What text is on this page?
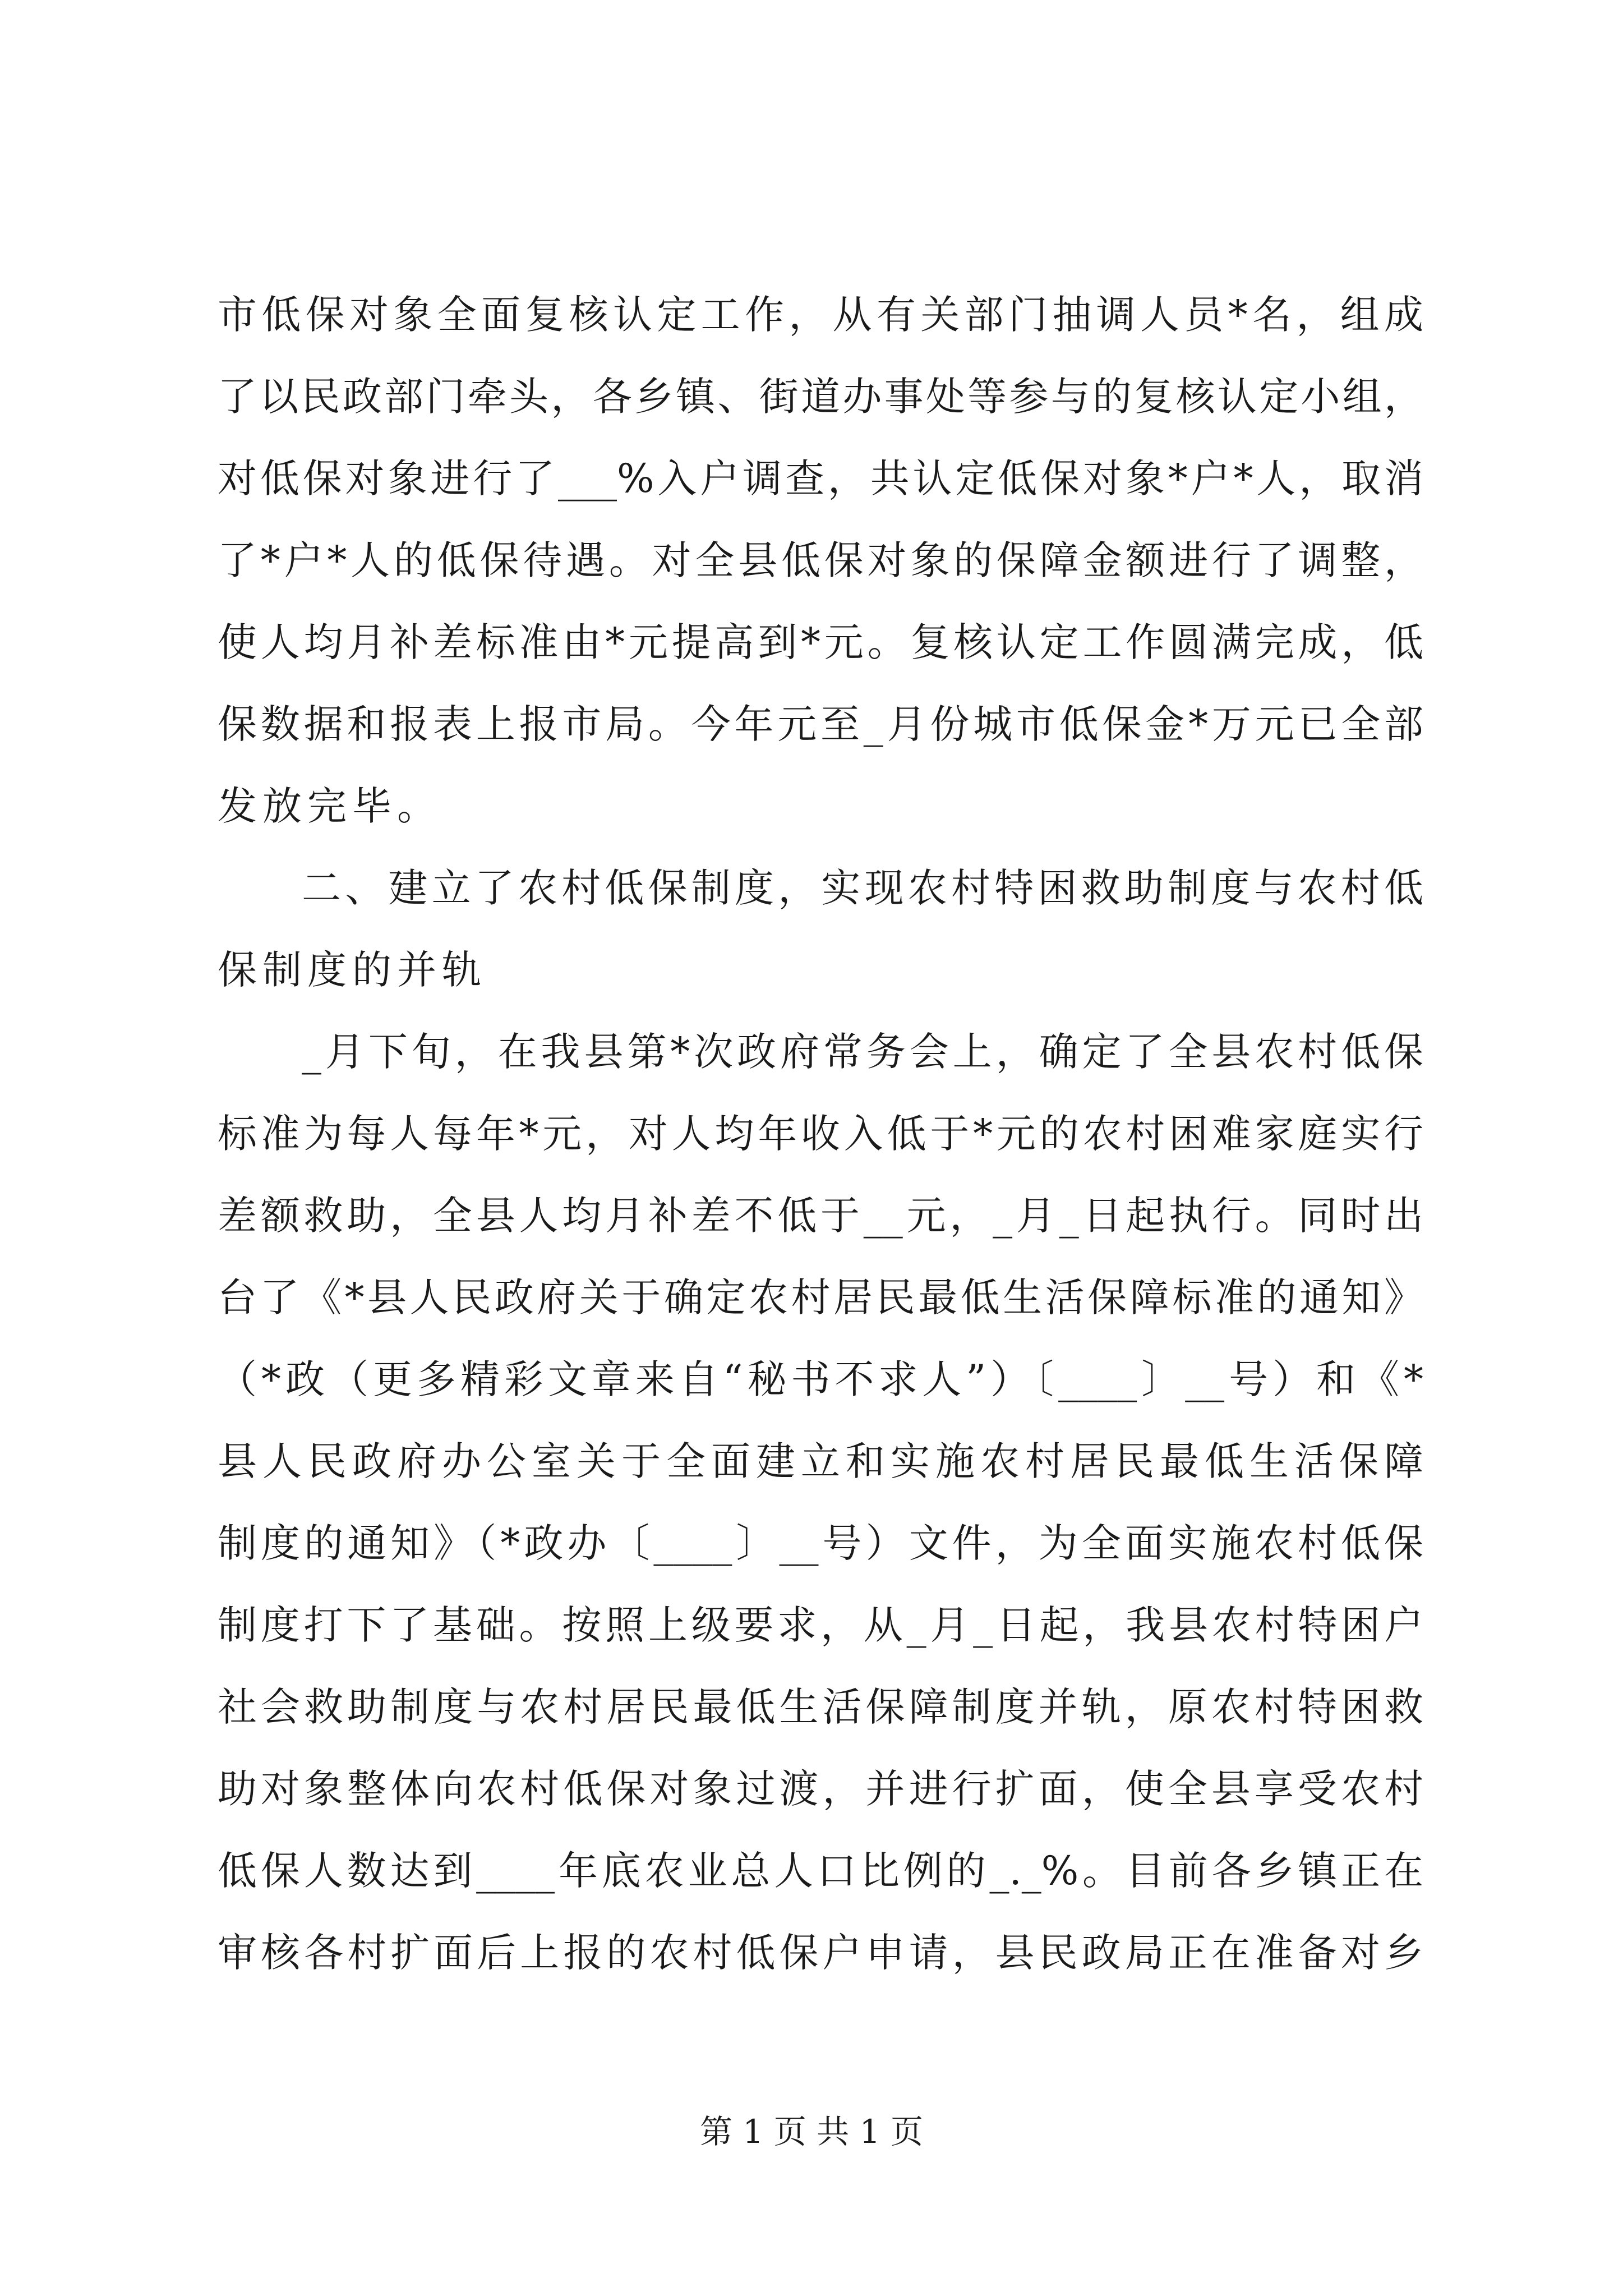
市低保对象全面复核认定工作，从有关部门抽调人员*名，组成
了以民政部门牵头，各乡镇、街道办事处等参与的复核认定小组，
对低保对象进行了___%入户调查，共认定低保对象*户*人，取消
了*户*人的低保待遇。对全县低保对象的保障金额进行了调整，
使人均月补差标准由*元提高到*元。复核认定工作圆满完成，低
保数据和报表上报市局。今年元至_月份城市低保金*万元已全部
发放完毕。
二、建立了农村低保制度，实现农村特困救助制度与农村低
保制度的并轨
_月下旬，在我县第*次政府常务会上，确定了全县农村低保
标准为每人每年*元，对人均年收入低于*元的农村困难家庭实行
差额救助，全县人均月补差不低于__元，_月_日起执行。同时出
台了《*县人民政府关于确定农村居民最低生活保障标准的通知》
（*政（更多精彩文章来自“秘书不求人”）〔____〕__号）和《*
县人民政府办公室关于全面建立和实施农村居民最低生活保障
制度的通知》（*政办〔____〕__号）文件，为全面实施农村低保
制度打下了基础。按照上级要求，从_月_日起，我县农村特困户
社会救助制度与农村居民最低生活保障制度并轨，原农村特困救
助对象整体向农村低保对象过渡，并进行扩面，使全县享受农村
低保人数达到____年底农业总人口比例的_._%。目前各乡镇正在
审核各村扩面后上报的农村低保户申请，县民政局正在准备对乡
第 1 页 共 1 页
